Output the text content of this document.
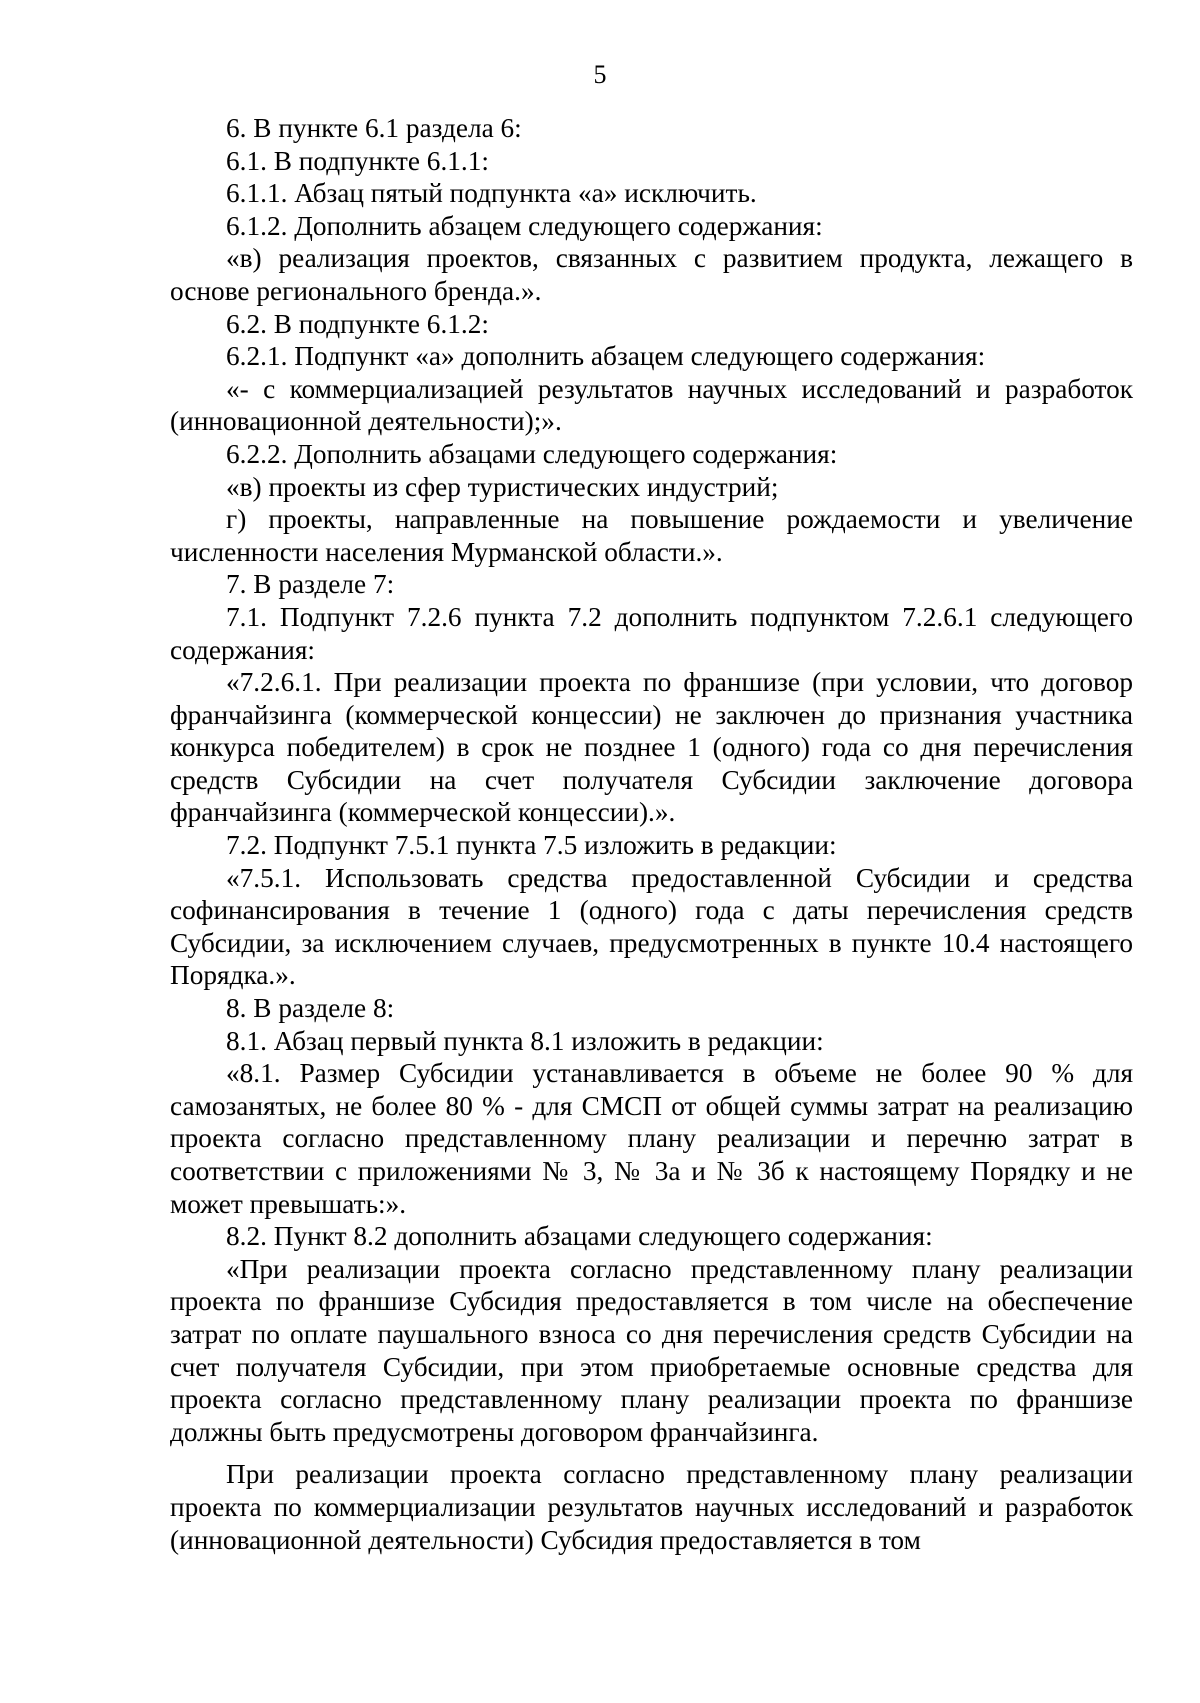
5

6. В пункте 6.1 раздела 6:

6.1. В подпункте 6.1.1:

6.1.1. Абзац пятый подпункта «а» исключить.

6.1.2. Дополнить абзацем следующего содержания:

«в) реализация проектов, связанных с развитием продукта, лежащего в основе регионального бренда.».

6.2. В подпункте 6.1.2:

6.2.1. Подпункт «а» дополнить абзацем следующего содержания:

«- с коммерциализацией результатов научных исследований и разработок (инновационной деятельности);».

6.2.2. Дополнить абзацами следующего содержания:

«в) проекты из сфер туристических индустрий;

г) проекты, направленные на повышение рождаемости и увеличение численности населения Мурманской области.».

7. В разделе 7:

7.1. Подпункт 7.2.6 пункта 7.2 дополнить подпунктом 7.2.6.1 следующего содержания:

«7.2.6.1. При реализации проекта по франшизе (при условии, что договор франчайзинга (коммерческой концессии) не заключен до признания участника конкурса победителем) в срок не позднее 1 (одного) года со дня перечисления средств Субсидии на счет получателя Субсидии заключение договора франчайзинга (коммерческой концессии).».

7.2. Подпункт 7.5.1 пункта 7.5 изложить в редакции:

«7.5.1. Использовать средства предоставленной Субсидии и средства софинансирования в течение 1 (одного) года с даты перечисления средств Субсидии, за исключением случаев, предусмотренных в пункте 10.4 настоящего Порядка.».

8. В разделе 8:

8.1. Абзац первый пункта 8.1 изложить в редакции:

«8.1. Размер Субсидии устанавливается в объеме не более 90 % для самозанятых, не более 80 % - для СМСП от общей суммы затрат на реализацию проекта согласно представленному плану реализации и перечню затрат в соответствии с приложениями № 3, № 3а и № 3б к настоящему Порядку и не может превышать:».

8.2. Пункт 8.2 дополнить абзацами следующего содержания:

«При реализации проекта согласно представленному плану реализации проекта по франшизе Субсидия предоставляется в том числе на обеспечение затрат по оплате паушального взноса со дня перечисления средств Субсидии на счет получателя Субсидии, при этом приобретаемые основные средства для проекта согласно представленному плану реализации проекта по франшизе должны быть предусмотрены договором франчайзинга.

При реализации проекта согласно представленному плану реализации проекта по коммерциализации результатов научных исследований и разработок (инновационной деятельности) Субсидия предоставляется в том
